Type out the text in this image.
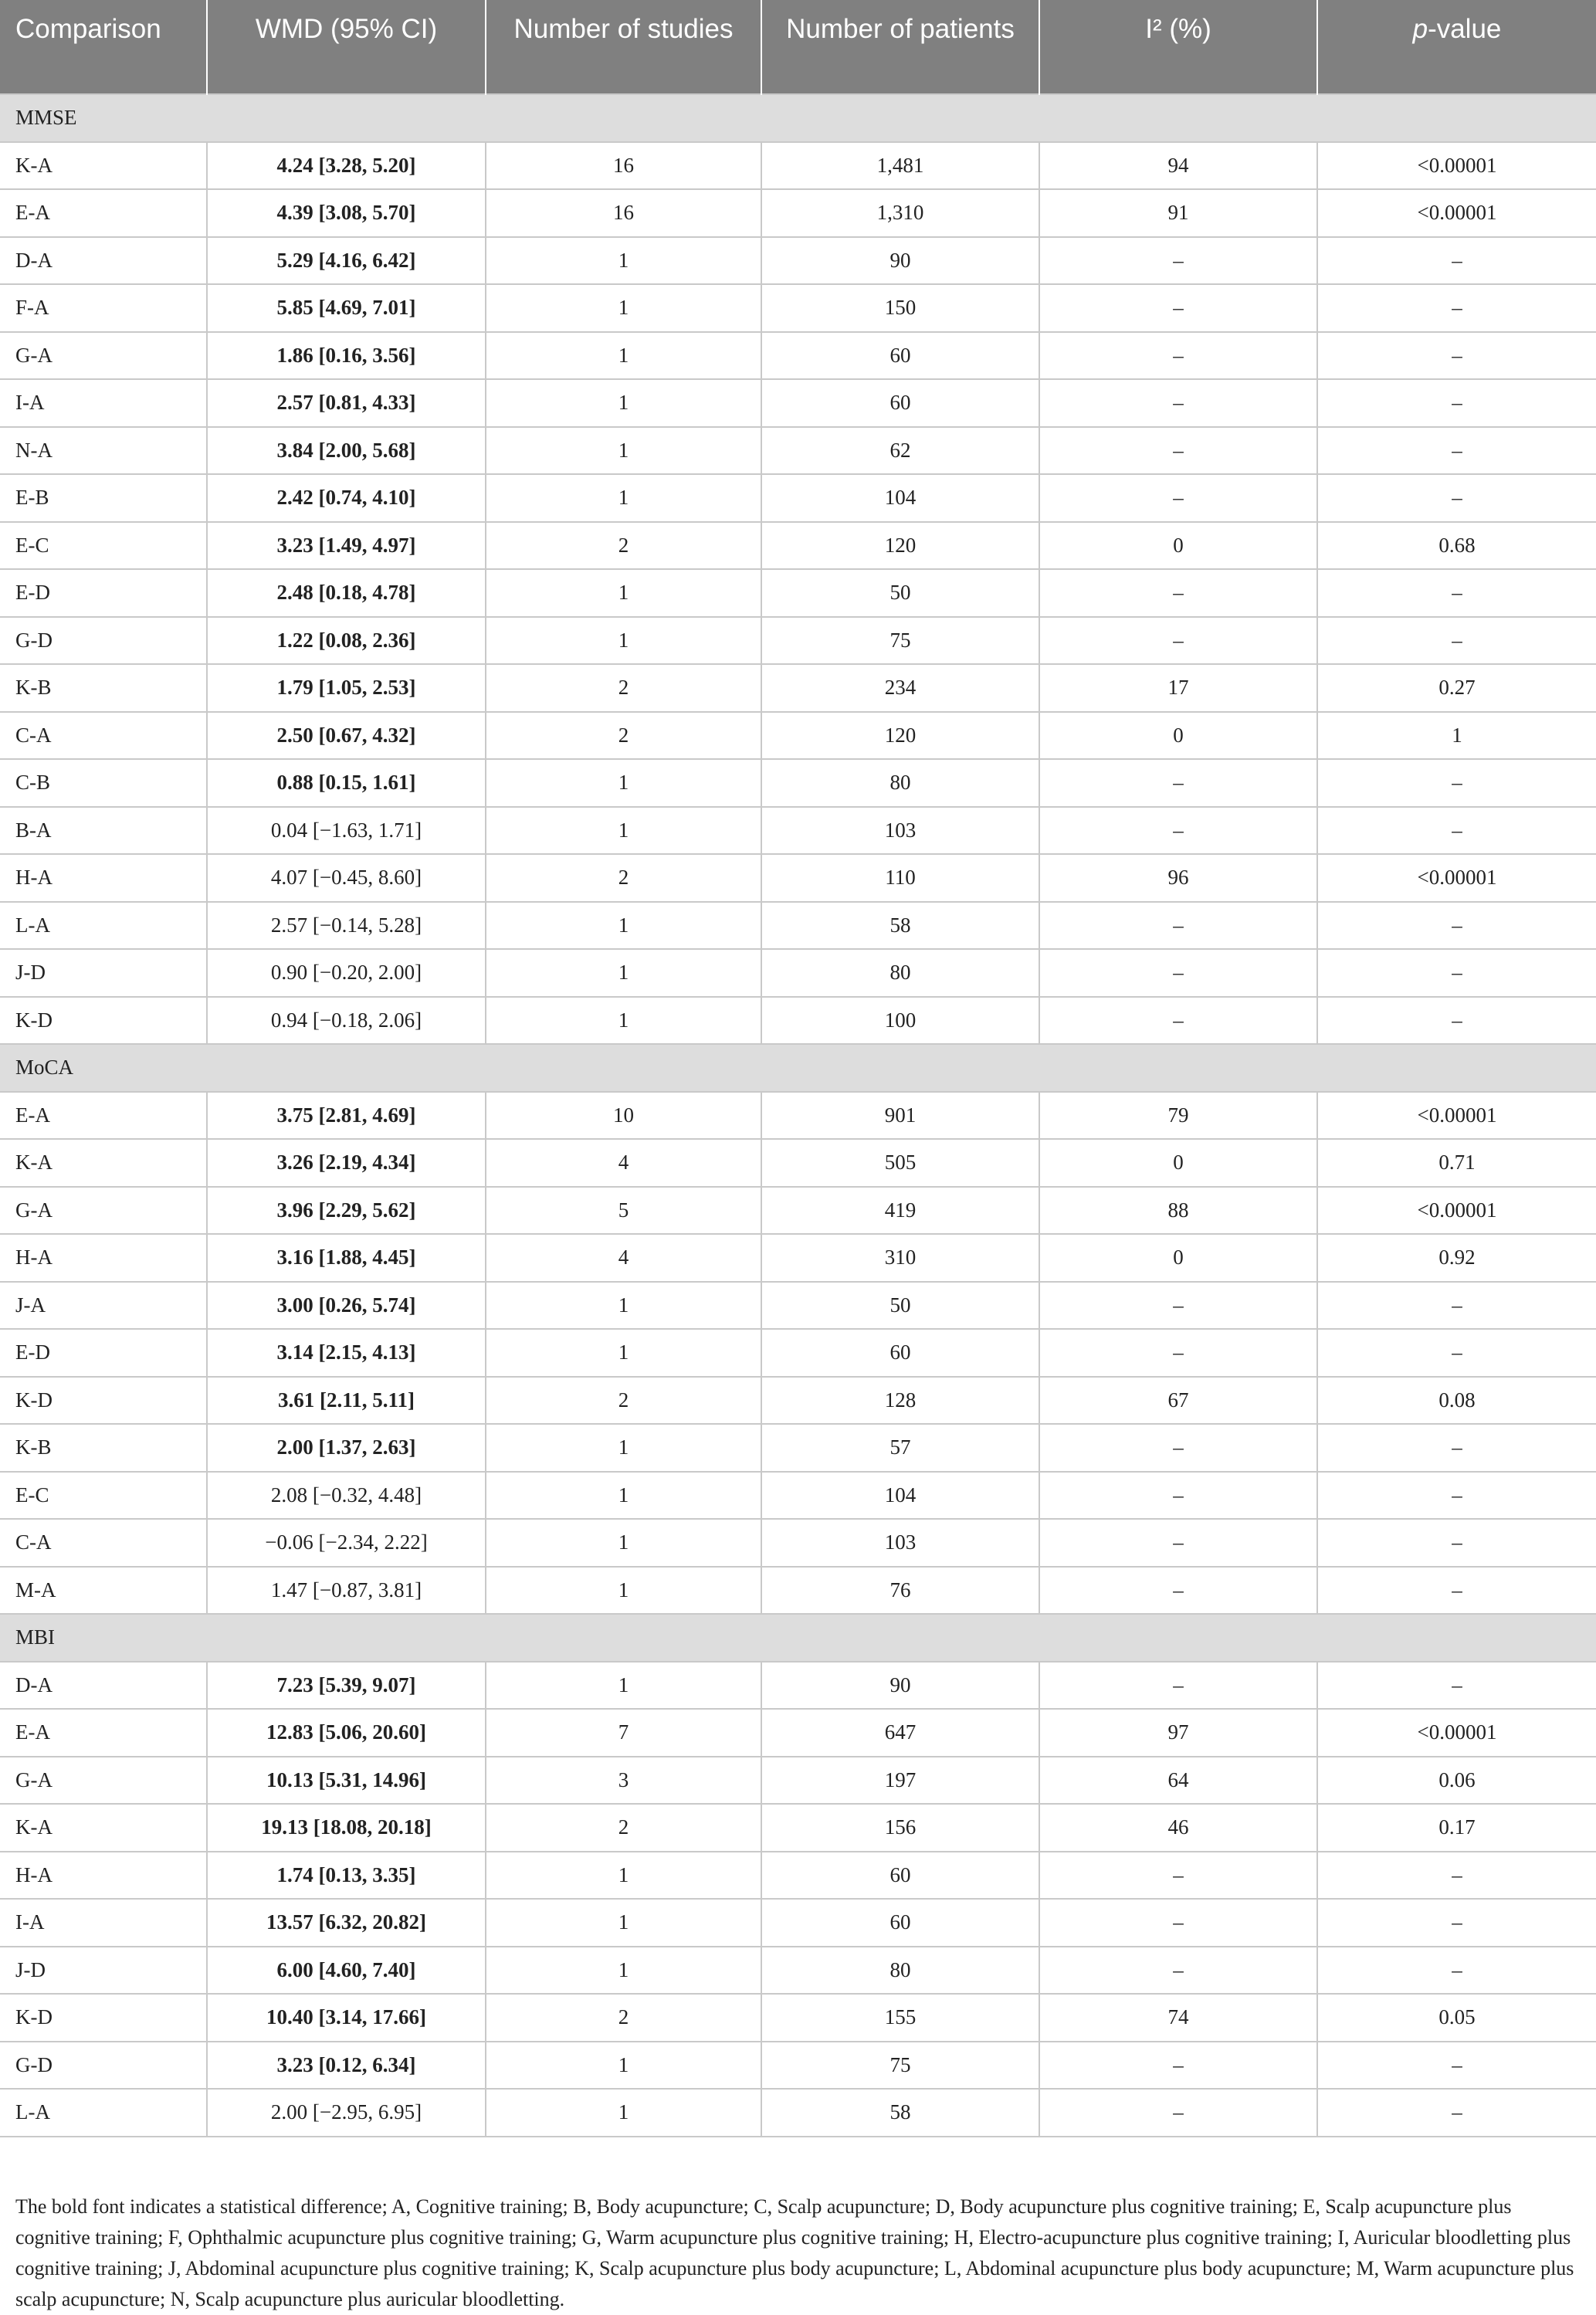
Comparison	WMD (95% CI)	Number of studies	Number of patients	I² (%)	p-value
MMSE					
K-A	4.24 [3.28, 5.20]	16	1,481	94	<0.00001
E-A	4.39 [3.08, 5.70]	16	1,310	91	<0.00001
D-A	5.29 [4.16, 6.42]	1	90	–	–
F-A	5.85 [4.69, 7.01]	1	150	–	–
G-A	1.86 [0.16, 3.56]	1	60	–	–
I-A	2.57 [0.81, 4.33]	1	60	–	–
N-A	3.84 [2.00, 5.68]	1	62	–	–
E-B	2.42 [0.74, 4.10]	1	104	–	–
E-C	3.23 [1.49, 4.97]	2	120	0	0.68
E-D	2.48 [0.18, 4.78]	1	50	–	–
G-D	1.22 [0.08, 2.36]	1	75	–	–
K-B	1.79 [1.05, 2.53]	2	234	17	0.27
C-A	2.50 [0.67, 4.32]	2	120	0	1
C-B	0.88 [0.15, 1.61]	1	80	–	–
B-A	0.04 [−1.63, 1.71]	1	103	–	–
H-A	4.07 [−0.45, 8.60]	2	110	96	<0.00001
L-A	2.57 [−0.14, 5.28]	1	58	–	–
J-D	0.90 [−0.20, 2.00]	1	80	–	–
K-D	0.94 [−0.18, 2.06]	1	100	–	–
MoCA					
E-A	3.75 [2.81, 4.69]	10	901	79	<0.00001
K-A	3.26 [2.19, 4.34]	4	505	0	0.71
G-A	3.96 [2.29, 5.62]	5	419	88	<0.00001
H-A	3.16 [1.88, 4.45]	4	310	0	0.92
J-A	3.00 [0.26, 5.74]	1	50	–	–
E-D	3.14 [2.15, 4.13]	1	60	–	–
K-D	3.61 [2.11, 5.11]	2	128	67	0.08
K-B	2.00 [1.37, 2.63]	1	57	–	–
E-C	2.08 [−0.32, 4.48]	1	104	–	–
C-A	−0.06 [−2.34, 2.22]	1	103	–	–
M-A	1.47 [−0.87, 3.81]	1	76	–	–
MBI					
D-A	7.23 [5.39, 9.07]	1	90	–	–
E-A	12.83 [5.06, 20.60]	7	647	97	<0.00001
G-A	10.13 [5.31, 14.96]	3	197	64	0.06
K-A	19.13 [18.08, 20.18]	2	156	46	0.17
H-A	1.74 [0.13, 3.35]	1	60	–	–
I-A	13.57 [6.32, 20.82]	1	60	–	–
J-D	6.00 [4.60, 7.40]	1	80	–	–
K-D	10.40 [3.14, 17.66]	2	155	74	0.05
G-D	3.23 [0.12, 6.34]	1	75	–	–
L-A	2.00 [−2.95, 6.95]	1	58	–	–
The bold font indicates a statistical difference; A, Cognitive training; B, Body acupuncture; C, Scalp acupuncture; D, Body acupuncture plus cognitive training; E, Scalp acupuncture plus cognitive training; F, Ophthalmic acupuncture plus cognitive training; G, Warm acupuncture plus cognitive training; H, Electro-acupuncture plus cognitive training; I, Auricular bloodletting plus cognitive training; J, Abdominal acupuncture plus cognitive training; K, Scalp acupuncture plus body acupuncture; L, Abdominal acupuncture plus body acupuncture; M, Warm acupuncture plus scalp acupuncture; N, Scalp acupuncture plus auricular bloodletting.
